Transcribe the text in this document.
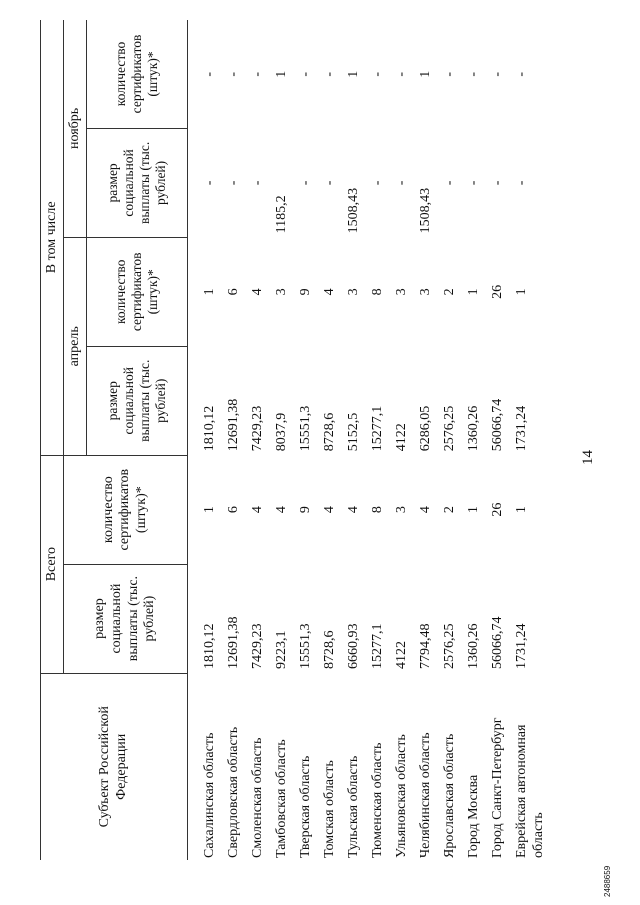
14
2488659
Субъект Российской Федерации	Всего		В том числе			
	размер социальной выплаты (тыс. рублей)	количество сертификатов (штук)*	апрель		ноябрь	
			размер социальной выплаты (тыс. рублей)	количество сертификатов (штук)*	размер социальной выплаты (тыс. рублей)	количество сертификатов (штук)*
Сахалинская область	1810,12	1	1810,12	1	-	-
Свердловская область	12691,38	6	12691,38	6	-	-
Смоленская область	7429,23	4	7429,23	4	-	-
Тамбовская область	9223,1	4	8037,9	3	1185,2	1
Тверская область	15551,3	9	15551,3	9	-	-
Томская область	8728,6	4	8728,6	4	-	-
Тульская область	6660,93	4	5152,5	3	1508,43	1
Тюменская область	15277,1	8	15277,1	8	-	-
Ульяновская область	4122	3	4122	3	-	-
Челябинская область	7794,48	4	6286,05	3	1508,43	1
Ярославская область	2576,25	2	2576,25	2	-	-
Город Москва	1360,26	1	1360,26	1	-	-
Город Санкт-Петербург	56066,74	26	56066,74	26	-	-
Еврейская автономная область	1731,24	1	1731,24	1	-	-
